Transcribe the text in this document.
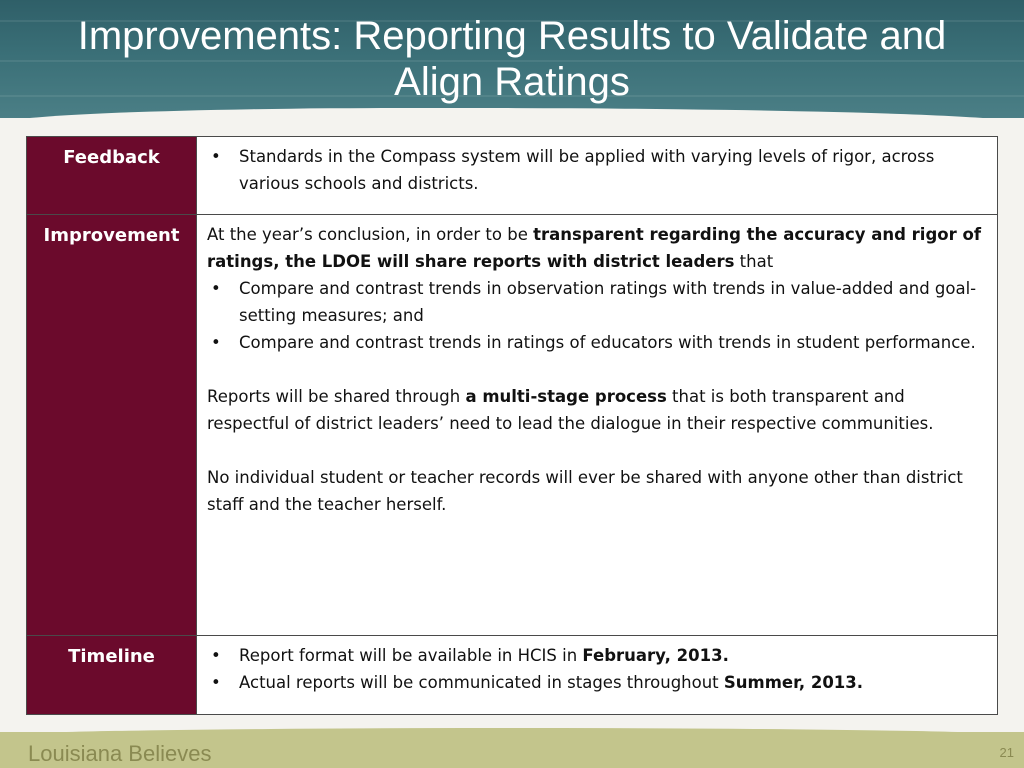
Improvements: Reporting Results to Validate and
Align Ratings
Feedback	• Standards in the Compass system will be applied with varying levels of rigor, across various schools and districts.
Improvement	At the year’s conclusion, in order to be transparent regarding the accuracy and rigor of ratings, the LDOE will share reports with district leaders that

• Compare and contrast trends in observation ratings with trends in value-added and goal-setting measures; and
• Compare and contrast trends in ratings of educators with trends in student performance.

Reports will be shared through a multi-stage process that is both transparent and respectful of district leaders’ need to lead the dialogue in their respective communities.

No individual student or teacher records will ever be shared with anyone other than district staff and the teacher herself.

Timeline	• Report format will be available in HCIS in February, 2013.
• Actual reports will be communicated in stages throughout Summer, 2013.
Louisiana Believes	21
